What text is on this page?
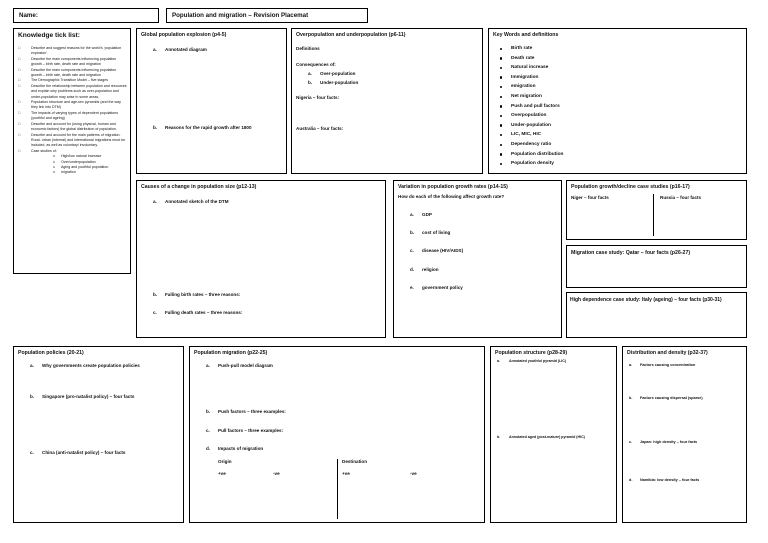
Name:	Population and migration – Revision Placemat
Knowledge tick list:
□ Describe and suggest reasons for the world’s ‘population explosion’.
□ Describe the main components influencing population growth – birth rate, death rate and migration
□ Describe the main components influencing population growth – birth rate, death rate and migration
□ The Demographic Transition Model – five stages
□ Describe the relationship between population and resources and explain why problems such as over-population and under-population may arise in some areas.
□ Population structure and age-sex pyramids (and the way they link into DTM)
□ The impacts of varying types of dependent populations (youthful and ageing)
□ Describe and account for (using physical, human and economic factors) the global distribution of population.
□ Describe and account for the main patterns of migration. Rural- urban (internal) and international migrations must be included, as well as voluntary/ involuntary.
□ Case studies of:
o High/low natural increase
o Over/underpopulation
o Aging and youthful population
o migration
Global population explosion (p4-5)
a. Annotated diagram
b. Reasons for the rapid growth after 1800
Overpopulation and underpopulation (p6-11)
Definitions
Consequences of:
a. Over-population
b. Under-population
Nigeria – four facts:
Australia – four facts:
Key Words and definitions
Birth rate
Death rate
Natural increase
Immigration
emigration
Net migration
Push and pull factors
Overpopulation
Under-population
LIC, MIC, HIC
Dependency ratio
Population distribution
Population density
Causes of a change in population size (p12-13)
a. Annotated sketch of the DTM
b. Falling birth rates – three reasons:
c. Falling death rates – three reasons:
Variation in population growth rates (p14-15)
How do each of the following affect growth rate?
a. GDP
b. cost of living
c. disease (HIV/AIDS)
d. religion
e. government policy
Population growth/decline case studies (p16-17)
Niger – four facts	Russia – four facts
Migration case study: Qatar – four facts (p26-27)
High dependence case study: Italy (ageing) – four facts (p30-31)
Population policies (20-21)
a. Why governments create population policies
b. Singapore (pro-natalist policy) – four facts
c. China (anti-natalist policy) – four facts
Population migration (p22-25)
a. Push-pull model diagram
b. Push factors – three examples:
c. Pull factors – three examples:
d. Impacts of migration
Origin	Destination
+ve	-ve	+ve	-ve
Population structure (p28-29)
a.	Annotated youthful pyramid (LIC)
b. Annotated aged (post-mature) pyramid (HIC)
Distribution and density (p32-37)
a. Factors causing concentration
b. Factors causing dispersal (sparse)
c. Japan: high density – four facts
d. Namibia: low density – four facts
